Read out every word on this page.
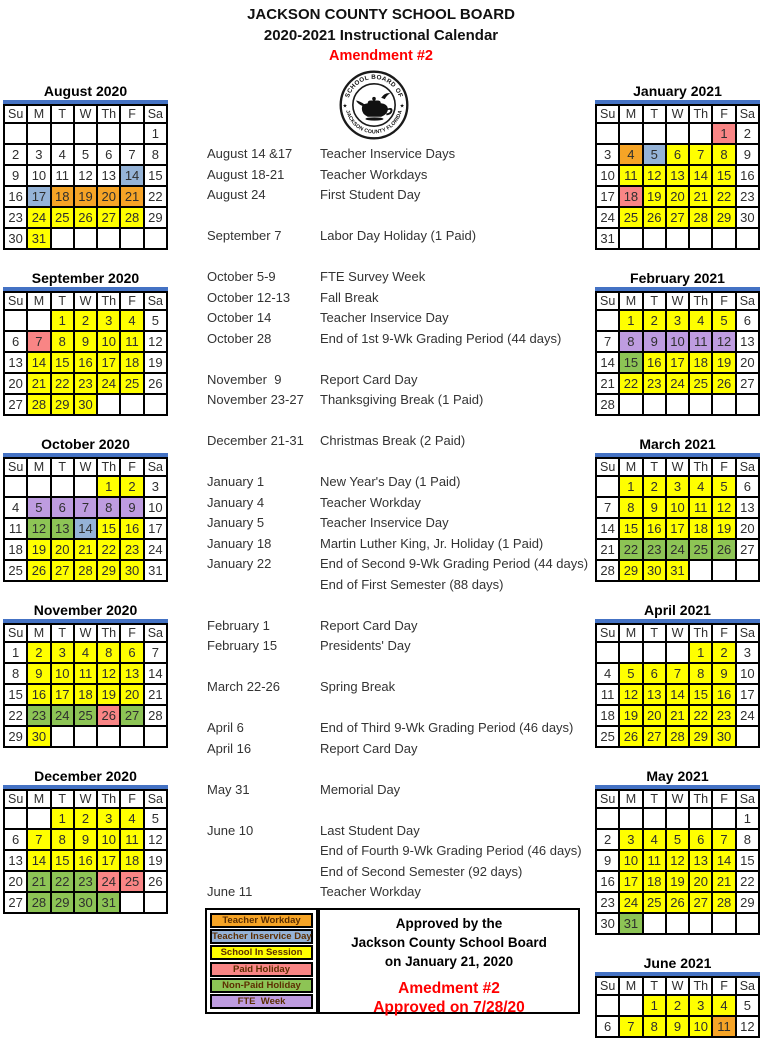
JACKSON COUNTY SCHOOL BOARD
2020-2021 Instructional Calendar
Amendment #2
SCHOOL BOARD OF
JACKSON COUNTY FLORIDA
★	★
August 2020
Su	M	T	W	Th	F	Sa
						1
2	3	4	5	6	7	8
9	10	11	12	13	14	15
16	17	18	19	20	21	22
23	24	25	26	27	28	29
30	31					
September 2020
Su	M	T	W	Th	F	Sa
		1	2	3	4	5
6	7	8	9	10	11	12
13	14	15	16	17	18	19
20	21	22	23	24	25	26
27	28	29	30			
October 2020
Su	M	T	W	Th	F	Sa
				1	2	3
4	5	6	7	8	9	10
11	12	13	14	15	16	17
18	19	20	21	22	23	24
25	26	27	28	29	30	31
November 2020
Su	M	T	W	Th	F	Sa
1	2	3	4	8	6	7
8	9	10	11	12	13	14
15	16	17	18	19	20	21
22	23	24	25	26	27	28
29	30					
December 2020
Su	M	T	W	Th	F	Sa
		1	2	3	4	5
6	7	8	9	10	11	12
13	14	15	16	17	18	19
20	21	22	23	24	25	26
27	28	29	30	31		
January 2021
Su	M	T	W	Th	F	Sa
					1	2
3	4	5	6	7	8	9
10	11	12	13	14	15	16
17	18	19	20	21	22	23
24	25	26	27	28	29	30
31						
February 2021
Su	M	T	W	Th	F	Sa
	1	2	3	4	5	6
7	8	9	10	11	12	13
14	15	16	17	18	19	20
21	22	23	24	25	26	27
28						
March 2021
Su	M	T	W	Th	F	Sa
	1	2	3	4	5	6
7	8	9	10	11	12	13
14	15	16	17	18	19	20
21	22	23	24	25	26	27
28	29	30	31			
April 2021
Su	M	T	W	Th	F	Sa
				1	2	3
4	5	6	7	8	9	10
11	12	13	14	15	16	17
18	19	20	21	22	23	24
25	26	27	28	29	30	
May 2021
Su	M	T	W	Th	F	Sa
						1
2	3	4	5	6	7	8
9	10	11	12	13	14	15
16	17	18	19	20	21	22
23	24	25	26	27	28	29
30	31					
June 2021
Su	M	T	W	Th	F	Sa
		1	2	3	4	5
6	7	8	9	10	11	12
August 14 &17	Teacher Inservice Days
August 18-21	Teacher Workdays
August 24	First Student Day
September 7	Labor Day Holiday (1 Paid)
October 5-9	FTE Survey Week
October 12-13	Fall Break
October 14	Teacher Inservice Day
October 28	End of 1st 9-Wk Grading Period (44 days)
November  9	Report Card Day
November 23-27	Thanksgiving Break (1 Paid)
December 21-31	Christmas Break (2 Paid)
January 1	New Year's Day (1 Paid)
January 4	Teacher Workday
January 5	Teacher Inservice Day
January 18	Martin Luther King, Jr. Holiday (1 Paid)
January 22	End of Second 9-Wk Grading Period (44 days)
End of First Semester (88 days)
February 1	Report Card Day
February 15	Presidents' Day
March 22-26	Spring Break
April 6	End of Third 9-Wk Grading Period (46 days)
April 16	Report Card Day
May 31	Memorial Day
June 10	Last Student Day
End of Fourth 9-Wk Grading Period (46 days)
End of Second Semester (92 days)
June 11	Teacher Workday
Teacher Workday
Teacher Inservice Day
School In Session
Paid Holiday
Non-Paid Holiday
FTE  Week
Approved by the
Jackson County School Board
on January 21, 2020
Amedment #2
Approved on 7/28/20
